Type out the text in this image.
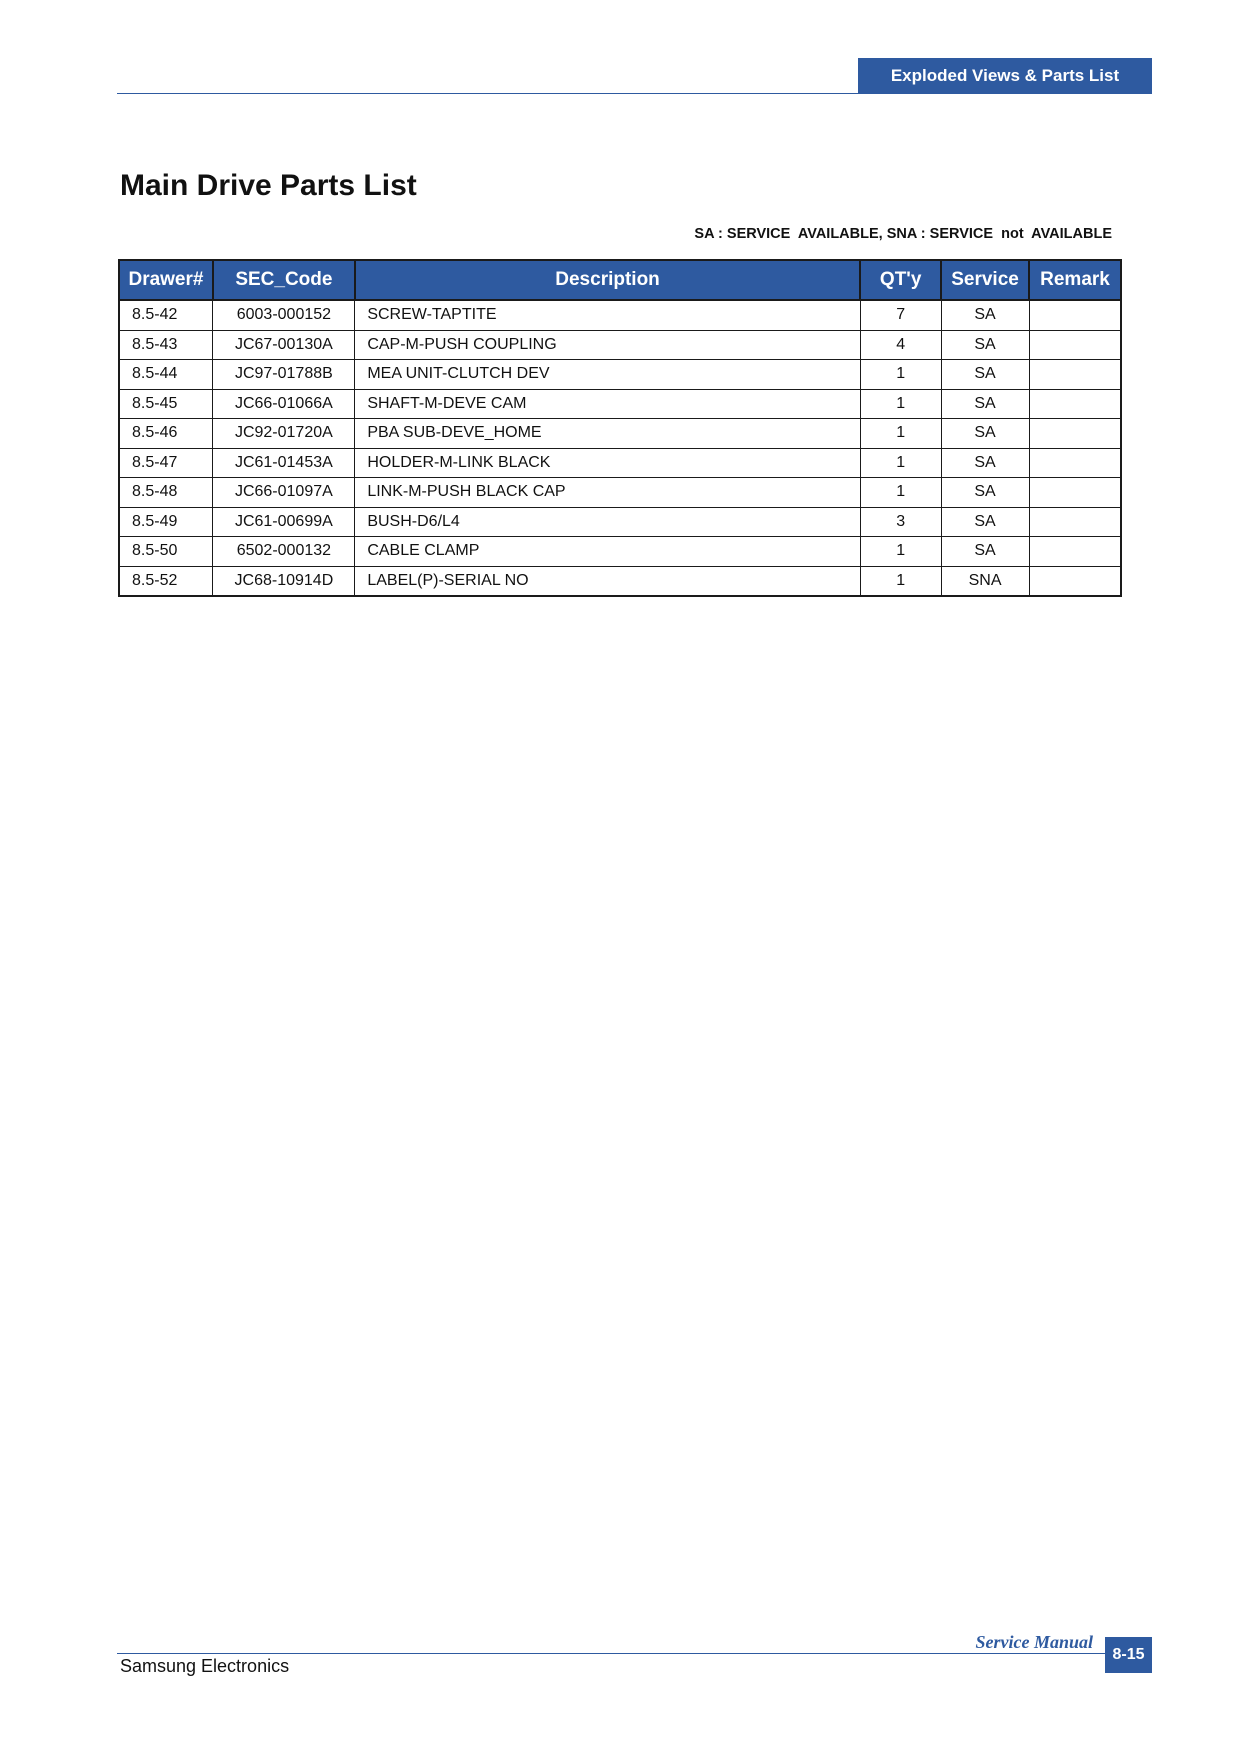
Exploded Views & Parts List
Main Drive Parts List
SA : SERVICE  AVAILABLE, SNA : SERVICE  not  AVAILABLE
Drawer#	SEC_Code	Description	QT'y	Service	Remark
8.5-42	6003-000152	SCREW-TAPTITE	7	SA	
8.5-43	JC67-00130A	CAP-M-PUSH COUPLING	4	SA	
8.5-44	JC97-01788B	MEA UNIT-CLUTCH DEV	1	SA	
8.5-45	JC66-01066A	SHAFT-M-DEVE CAM	1	SA	
8.5-46	JC92-01720A	PBA SUB-DEVE_HOME	1	SA	
8.5-47	JC61-01453A	HOLDER-M-LINK BLACK	1	SA	
8.5-48	JC66-01097A	LINK-M-PUSH BLACK CAP	1	SA	
8.5-49	JC61-00699A	BUSH-D6/L4	3	SA	
8.5-50	6502-000132	CABLE CLAMP	1	SA	
8.5-52	JC68-10914D	LABEL(P)-SERIAL NO	1	SNA	
Service Manual
8-15
Samsung Electronics
